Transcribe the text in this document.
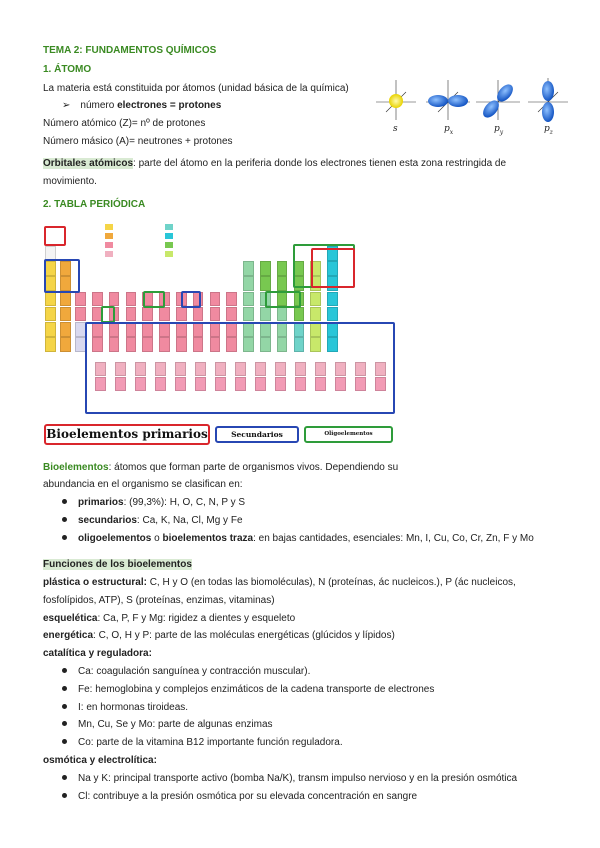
TEMA 2: FUNDAMENTOS QUÍMICOS
1. ÁTOMO
La materia está constituida por átomos (unidad básica de la química)
➢ número electrones = protones
Número atómico (Z)= nº de protones
Número másico (A)= neutrones + protones
s	$p_x$	$p_y$	$p_z$
Orbitales atómicos: parte del átomo en la periferia donde los electrones tienen esta zona restringida de
movimiento.
2. TABLA PERIÓDICA
Bioelementos primarios	Secundarios	Oligoelementos
Bioelementos: átomos que forman parte de organismos vivos. Dependiendo su
abundancia en el organismo se clasifican en:
primarios: (99,3%): H, O, C, N, P y S
secundarios: Ca, K, Na, Cl, Mg y Fe
oligoelementos o bioelementos traza: en bajas cantidades, esenciales: Mn, I, Cu, Co, Cr, Zn, F y Mo
Funciones de los bioelementos
plástica o estructural: C, H y O (en todas las biomoléculas), N (proteínas, ác nucleicos.), P (ác nucleicos,
fosfolípidos, ATP), S (proteínas, enzimas, vitaminas)
esquelética: Ca, P, F y Mg: rigidez a dientes y esqueleto
energética: C, O, H y P: parte de las moléculas energéticas (glúcidos y lípidos)
catalítica y reguladora:
Ca: coagulación sanguínea y contracción muscular).
Fe: hemoglobina y complejos enzimáticos de la cadena transporte de electrones
I: en hormonas tiroideas.
Mn, Cu, Se y Mo: parte de algunas enzimas
Co: parte de la vitamina B12 importante función reguladora.
osmótica y electrolítica:
Na y K: principal transporte activo (bomba Na/K), transm impulso nervioso y en la presión osmótica
Cl: contribuye a la presión osmótica por su elevada concentración en sangre
